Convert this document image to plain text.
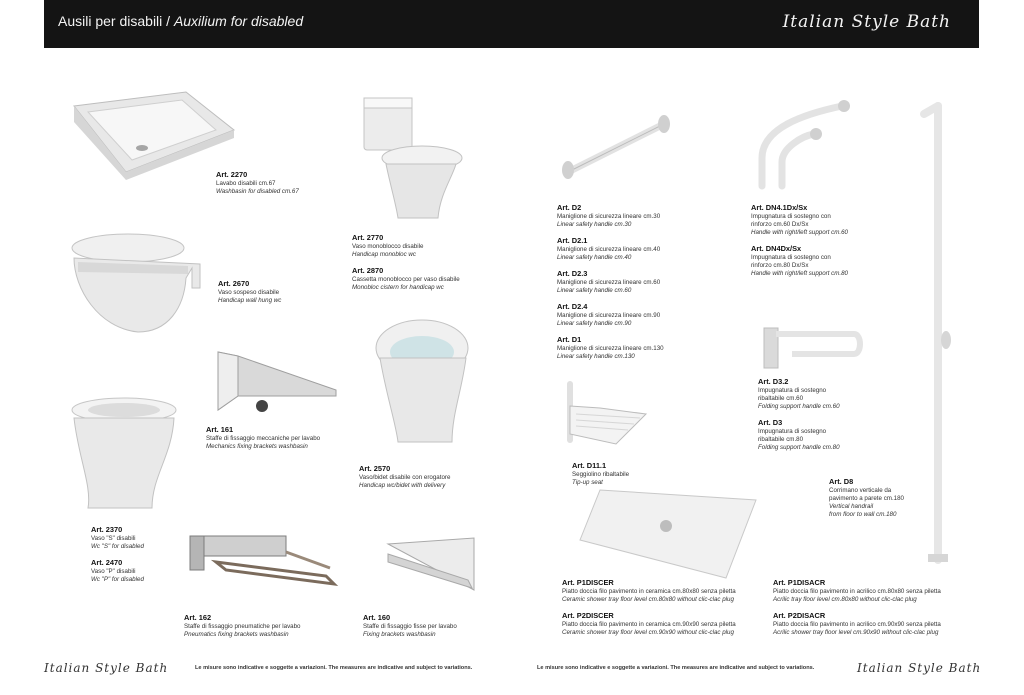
Ausili per disabili / Auxilium for disabled	Italian Style Bath
Art. 2270
Lavabo disabili cm.67
Washbasin for disabled cm.67
Art. 2670
Vaso sospeso disabile
Handicap wall hung wc
Art. 161
Staffe di fissaggio meccaniche per lavabo
Mechanics fixing brackets washbasin
Art. 2370
Vaso "S" disabili
Wc "S" for disabled
Art. 2470
Vaso "P" disabili
Wc "P" for disabled
Art. 162
Staffe di fissaggio pneumatiche per lavabo
Pneumatics fixing brackets washbasin
Art. 2770
Vaso monoblocco disabile
Handicap monobloc wc
Art. 2870
Cassetta monoblocco per vaso disabile
Monobloc cistern for handicap wc
Art. 2570
Vaso/bidet disabile con erogatore
Handicap wc/bidet with delivery
Art. 160
Staffe di fissaggio fisse per lavabo
Fixing brackets washbasin
Art. D2
Maniglione di sicurezza lineare cm.30
Linear safety handle cm.30
Art. D2.1
Maniglione di sicurezza lineare cm.40
Linear safety handle cm.40
Art. D2.3
Maniglione di sicurezza lineare cm.60
Linear safety handle cm.60
Art. D2.4
Maniglione di sicurezza lineare cm.90
Linear safety handle cm.90
Art. D1
Maniglione di sicurezza lineare cm.130
Linear safety handle cm.130
Art. D11.1
Seggiolino ribaltabile
Tip-up seat
Art. DN4.1Dx/Sx
Impugnatura di sostegno con
rinforzo cm.60 Dx/Sx
Handle with right/left support cm.60
Art. DN4Dx/Sx
Impugnatura di sostegno con
rinforzo cm.80 Dx/Sx
Handle with right/left support cm.80
Art. D3.2
Impugnatura di sostegno
ribaltabile cm.60
Folding support handle cm.60
Art. D3
Impugnatura di sostegno
ribaltabile cm.80
Folding support handle cm.80
Art. D8
Corrimano verticale da
pavimento a parete cm.180
Vertical handrail
from floor to wall cm.180
Art. P1DISCER
Piatto doccia filo pavimento in ceramica cm.80x80 senza piletta
Ceramic shower tray floor level cm.80x80 without clic-clac plug
Art. P2DISCER
Piatto doccia filo pavimento in ceramica cm.90x90 senza piletta
Ceramic shower tray floor level cm.90x90 without clic-clac plug
Art. P1DISACR
Piatto doccia filo pavimento in acrilico cm.80x80 senza piletta
Acrilic tray floor level cm.80x80 without clic-clac plug
Art. P2DISACR
Piatto doccia filo pavimento in acrilico cm.90x90 senza piletta
Acrilic shower tray floor level cm.90x90 without clic-clac plug
Italian Style Bath	Le misure sono indicative e soggette a variazioni. The measures are indicative and subject to variations.	Le misure sono indicative e soggette a variazioni. The measures are indicative and subject to variations.	Italian Style Bath
